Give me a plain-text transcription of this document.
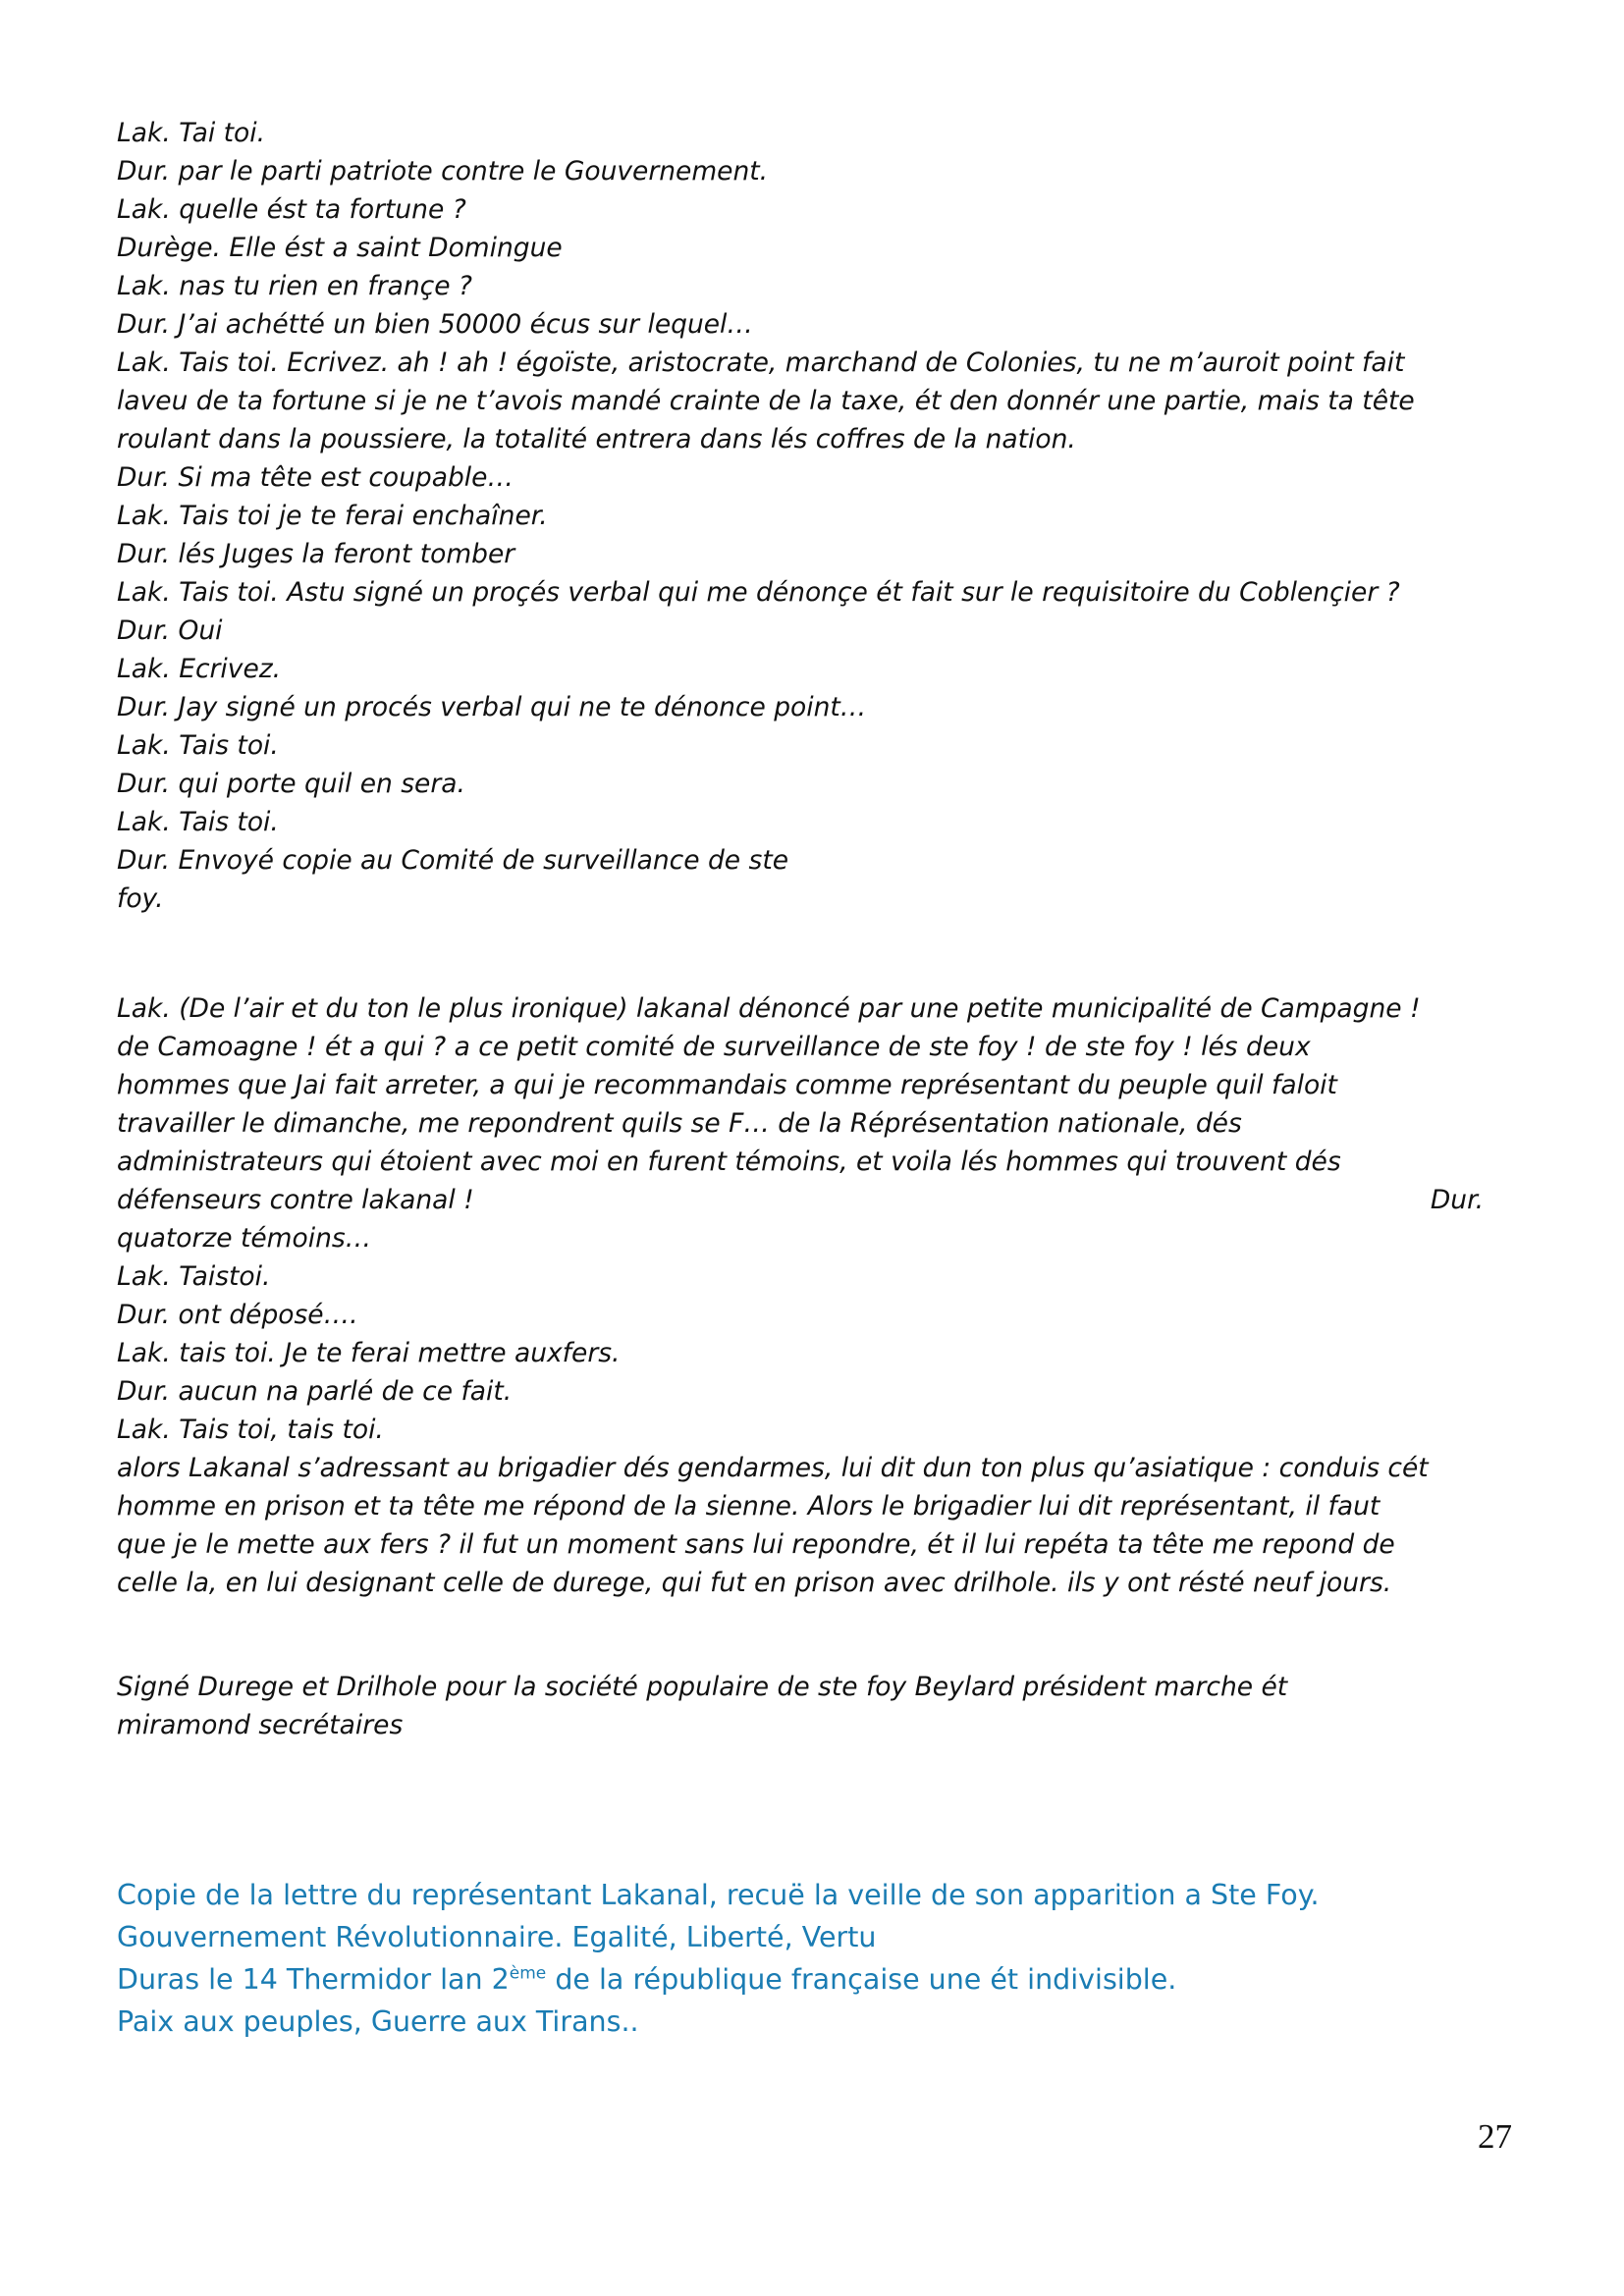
Lak. Tai toi.
Dur. par le parti patriote contre le Gouvernement.
Lak. quelle ést ta fortune ?
Durège. Elle ést a saint Domingue
Lak. nas tu rien en françe ?
Dur. J’ai achétté un bien 50000 écus sur lequel…
Lak. Tais toi. Ecrivez. ah ! ah ! égoïste, aristocrate, marchand de Colonies, tu ne m’auroit point fait
laveu de ta fortune si je ne t’avois mandé crainte de la taxe, ét den donnér une partie, mais ta tête
roulant dans la poussiere, la totalité entrera dans lés coffres de la nation.
Dur. Si ma tête est coupable…
Lak. Tais toi je te ferai enchaîner.
Dur. lés Juges la feront tomber
Lak. Tais toi. Astu signé un proçés verbal qui me dénonçe ét fait sur le requisitoire du Coblençier ?
Dur. Oui
Lak. Ecrivez.
Dur. Jay signé un procés verbal qui ne te dénonce point…
Lak. Tais toi.
Dur. qui porte quil en sera.
Lak. Tais toi.
Dur. Envoyé copie au Comité de surveillance de ste
foy.
Lak. (De l’air et du ton le plus ironique) lakanal dénoncé par une petite municipalité de Campagne !
de Camoagne ! ét a qui ? a ce petit comité de surveillance de ste foy ! de ste foy ! lés deux
hommes que Jai fait arreter, a qui je recommandais comme représentant du peuple quil faloit
travailler le dimanche, me repondrent quils se F… de la Réprésentation nationale, dés
administrateurs qui étoient avec moi en furent témoins, et voila lés hommes qui trouvent dés
défenseurs contre lakanal !	Dur.
quatorze témoins…
Lak. Taistoi.
Dur. ont déposé….
Lak. tais toi. Je te ferai mettre auxfers.
Dur. aucun na parlé de ce fait.
Lak. Tais toi, tais toi.
alors Lakanal s’adressant au brigadier dés gendarmes, lui dit dun ton plus qu’asiatique : conduis cét
homme en prison et ta tête me répond de la sienne. Alors le brigadier lui dit représentant, il faut
que je le mette aux fers ? il fut un moment sans lui repondre, ét il lui repéta ta tête me repond de
celle la, en lui designant celle de durege, qui fut en prison avec drilhole. ils y ont résté neuf jours.
Signé Durege et Drilhole pour la société populaire de ste foy Beylard président marche ét
miramond secrétaires
Copie de la lettre du représentant Lakanal, recuë la veille de son apparition a Ste Foy.
Gouvernement Révolutionnaire. Egalité, Liberté, Vertu
Duras le 14 Thermidor lan 2ème de la république française une ét indivisible.
Paix aux peuples, Guerre aux Tirans..
27
